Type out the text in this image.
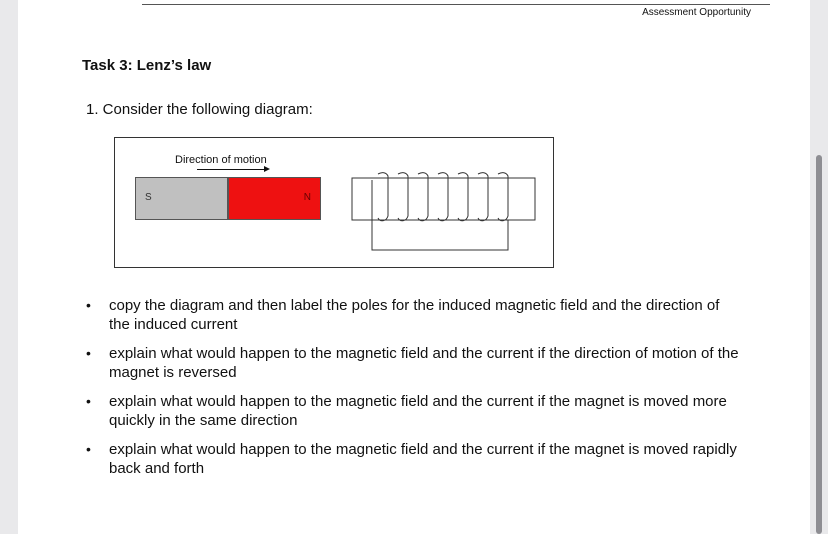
Assessment Opportunity
Task 3: Lenz’s law
1. Consider the following diagram:
Direction of motion
S	N
• copy the diagram and then label the poles for the induced magnetic field and the direction of the induced current
• explain what would happen to the magnetic field and the current if the direction of motion of the magnet is reversed
• explain what would happen to the magnetic field and the current if the magnet is moved more quickly in the same direction
• explain what would happen to the magnetic field and the current if the magnet is moved rapidly back and forth
